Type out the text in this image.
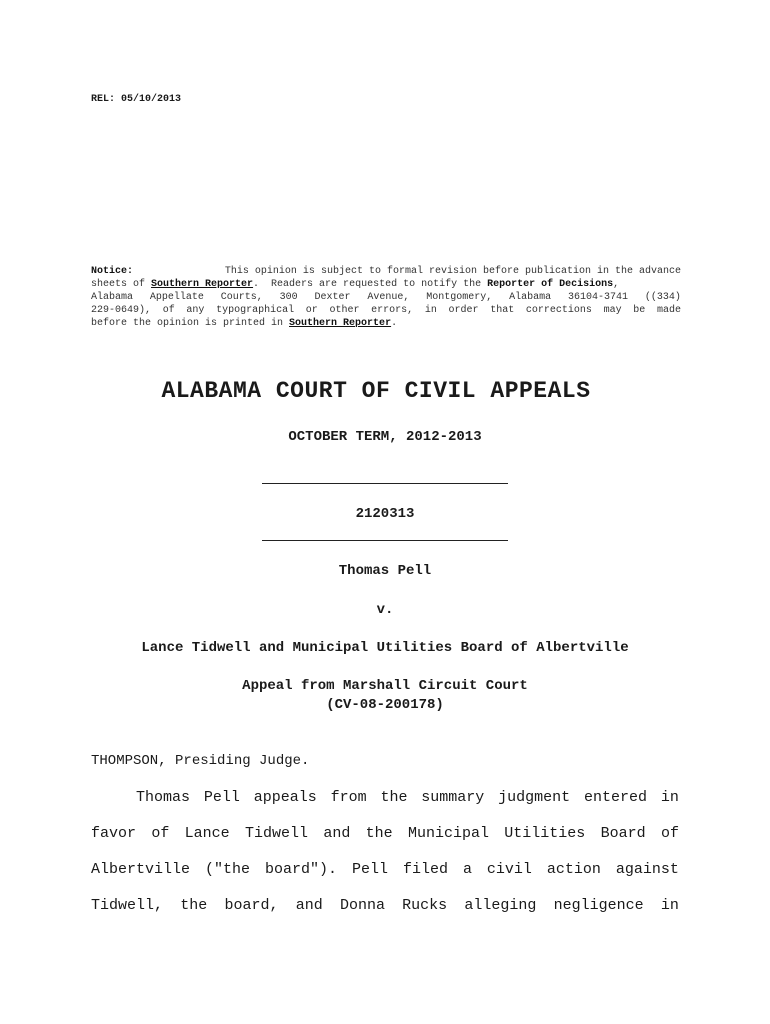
REL: 05/10/2013
Notice:	This opinion is subject to formal revision before publication in the advance
sheets of Southern Reporter.  Readers are requested to notify the Reporter of Decisions,
Alabama Appellate Courts, 300 Dexter Avenue, Montgomery, Alabama 36104-3741 ((334)
229-0649), of any typographical or other errors, in order that corrections may be made
before the opinion is printed in Southern Reporter .
ALABAMA COURT OF CIVIL APPEALS
OCTOBER TERM, 2012-2013
2120313
Thomas Pell
v.
Lance Tidwell and Municipal Utilities Board of Albertville
Appeal from Marshall Circuit Court
(CV-08-200178)
THOMPSON, Presiding Judge.
Thomas Pell appeals from the summary judgment entered in
favor of Lance Tidwell and the Municipal Utilities Board of
Albertville ("the board"). Pell filed a civil action against
Tidwell, the board, and Donna Rucks alleging negligence in
